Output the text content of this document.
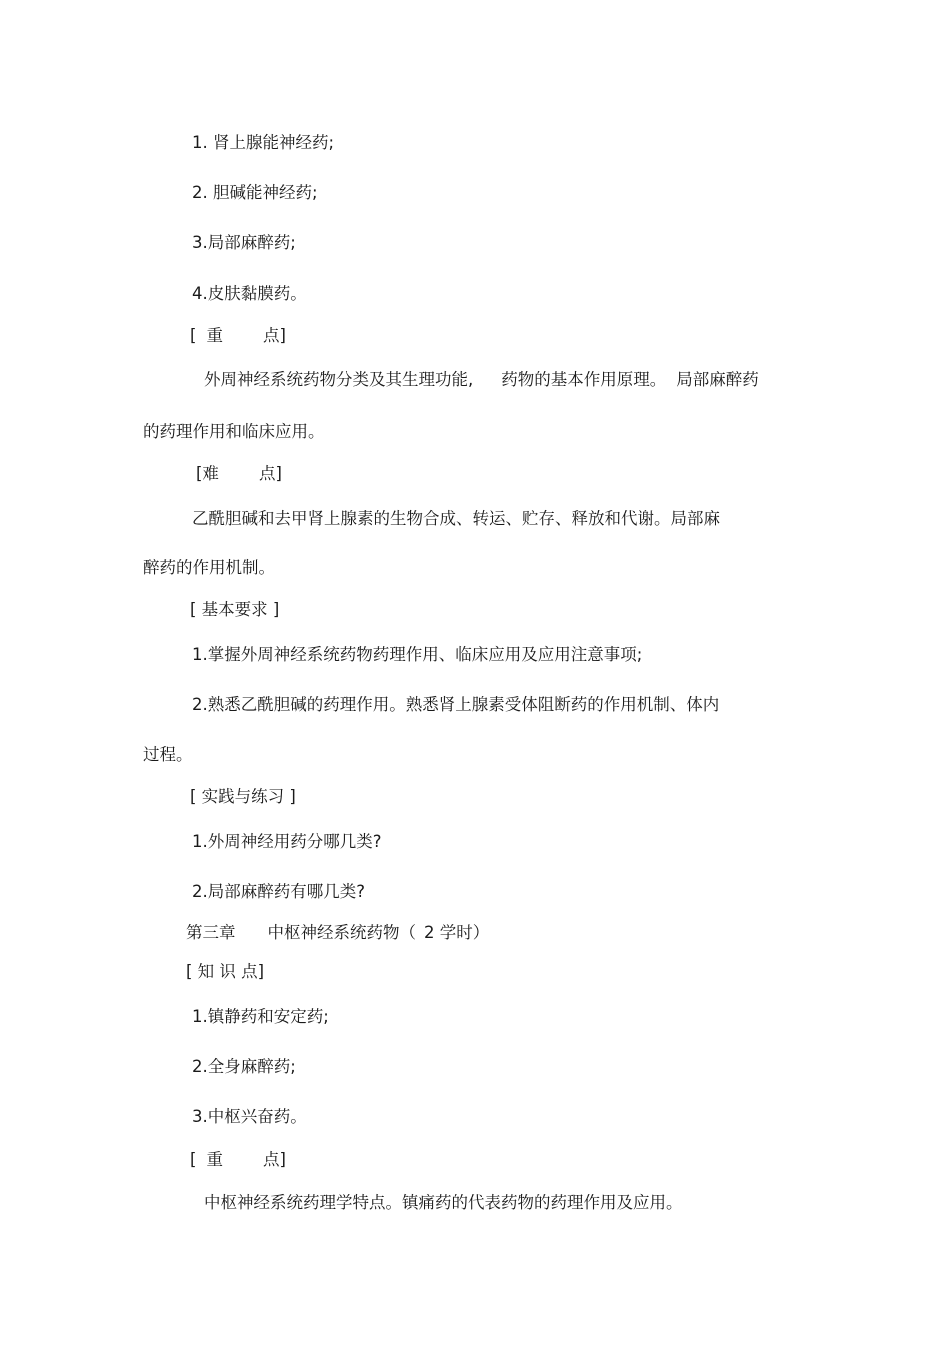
1. 肾上腺能神经药;
2. 胆碱能神经药;
3.局部麻醉药;
4.皮肤黏膜药。
[ 重 点]
外周神经系统药物分类及其生理功能, 药物的基本作用原理。 局部麻醉药
的药理作用和临床应用。
[难 点]
乙酰胆碱和去甲肾上腺素的生物合成、转运、贮存、释放和代谢。局部麻
醉药的作用机制。
[ 基本要求 ]
1.掌握外周神经系统药物药理作用、临床应用及应用注意事项;
2.熟悉乙酰胆碱的药理作用。熟悉肾上腺素受体阻断药的作用机制、体内
过程。
[ 实践与练习 ]
1.外周神经用药分哪几类?
2.局部麻醉药有哪几类?
第三章 中枢神经系统药物（ 2 学时）
[ 知 识 点]
1.镇静药和安定药;
2.全身麻醉药;
3.中枢兴奋药。
[ 重 点]
中枢神经系统药理学特点。镇痛药的代表药物的药理作用及应用。
